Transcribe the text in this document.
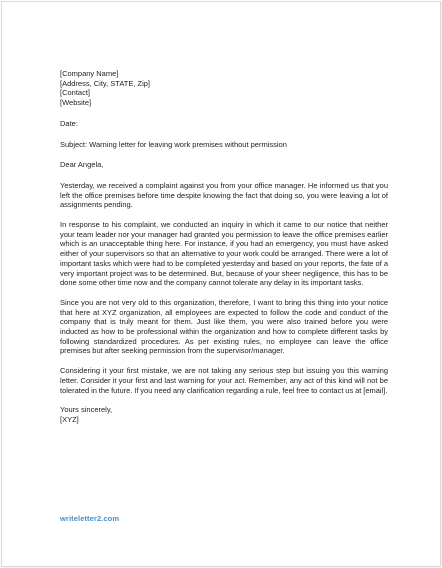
[Company Name]
[Address, City, STATE, Zip]
[Contact]
[Website]
Date:
Subject: Warning letter for leaving work premises without permission
Dear Angela,

Yesterday, we received a complaint against you from your office manager. He informed us that you left the office premises before time despite knowing the fact that doing so, you were leaving a lot of assignments pending.

In response to his complaint, we conducted an inquiry in which it came to our notice that neither your team leader nor your manager had granted you permission to leave the office premises earlier which is an unacceptable thing here. For instance, if you had an emergency, you must have asked either of your supervisors so that an alternative to your work could be arranged. There were a lot of important tasks which were had to be completed yesterday and based on your reports, the fate of a very important project was to be determined. But, because of your sheer negligence, this has to be done some other time now and the company cannot tolerate any delay in its important tasks.

Since you are not very old to this organization, therefore, I want to bring this thing into your notice that here at XYZ organization, all employees are expected to follow the code and conduct of the company that is truly meant for them. Just like them, you were also trained before you were inducted as how to be professional within the organization and how to complete different tasks by following standardized procedures. As per existing rules, no employee can leave the office premises but after seeking permission from the supervisor/manager.

Considering it your first mistake, we are not taking any serious step but issuing you this warning letter. Consider it your first and last warning for your act. Remember, any act of this kind will not be tolerated in the future. If you need any clarification regarding a rule, feel free to contact us at [email].

Yours sincerely,
[XYZ]
writeletter2.com
